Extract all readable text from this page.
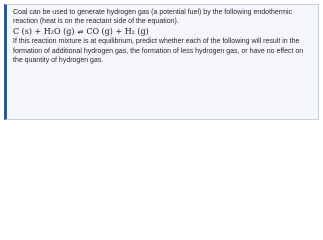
Coal can be used to generate hydrogen gas (a potential fuel) by the following endothermic reaction (heat is on the reactant side of the equation).

C (s) + H₂O (g) ⇌ CO (g) + H₂ (g)

If this reaction mixture is at equilibrium, predict whether each of the following will result in the formation of additional hydrogen gas, the formation of less hydrogen gas, or have no effect on the quantity of hydrogen gas.
